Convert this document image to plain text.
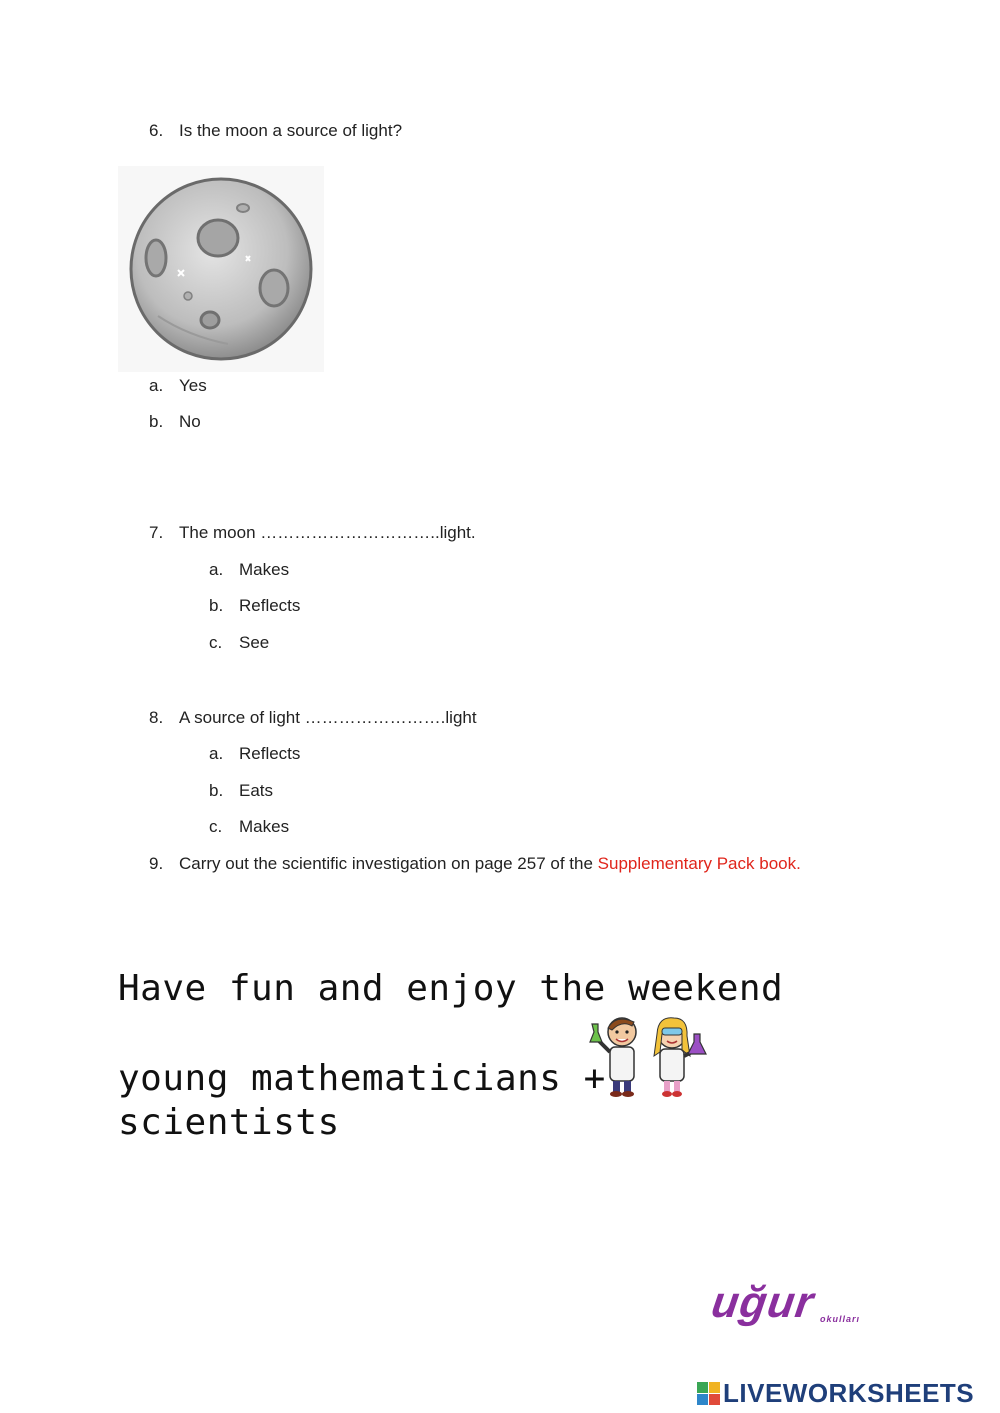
6. Is the moon a source of light?
a. Yes
b. No
7. The moon …………………………..light.
a. Makes
b. Reflects
c. See
8. A source of light …………………….light
a. Reflects
b. Eats
c. Makes
9. Carry out the scientific investigation on page 257 of the Supplementary Pack book.
Have fun and enjoy the weekend
young mathematicians +
scientists
uğur okulları
LIVEWORKSHEETS
